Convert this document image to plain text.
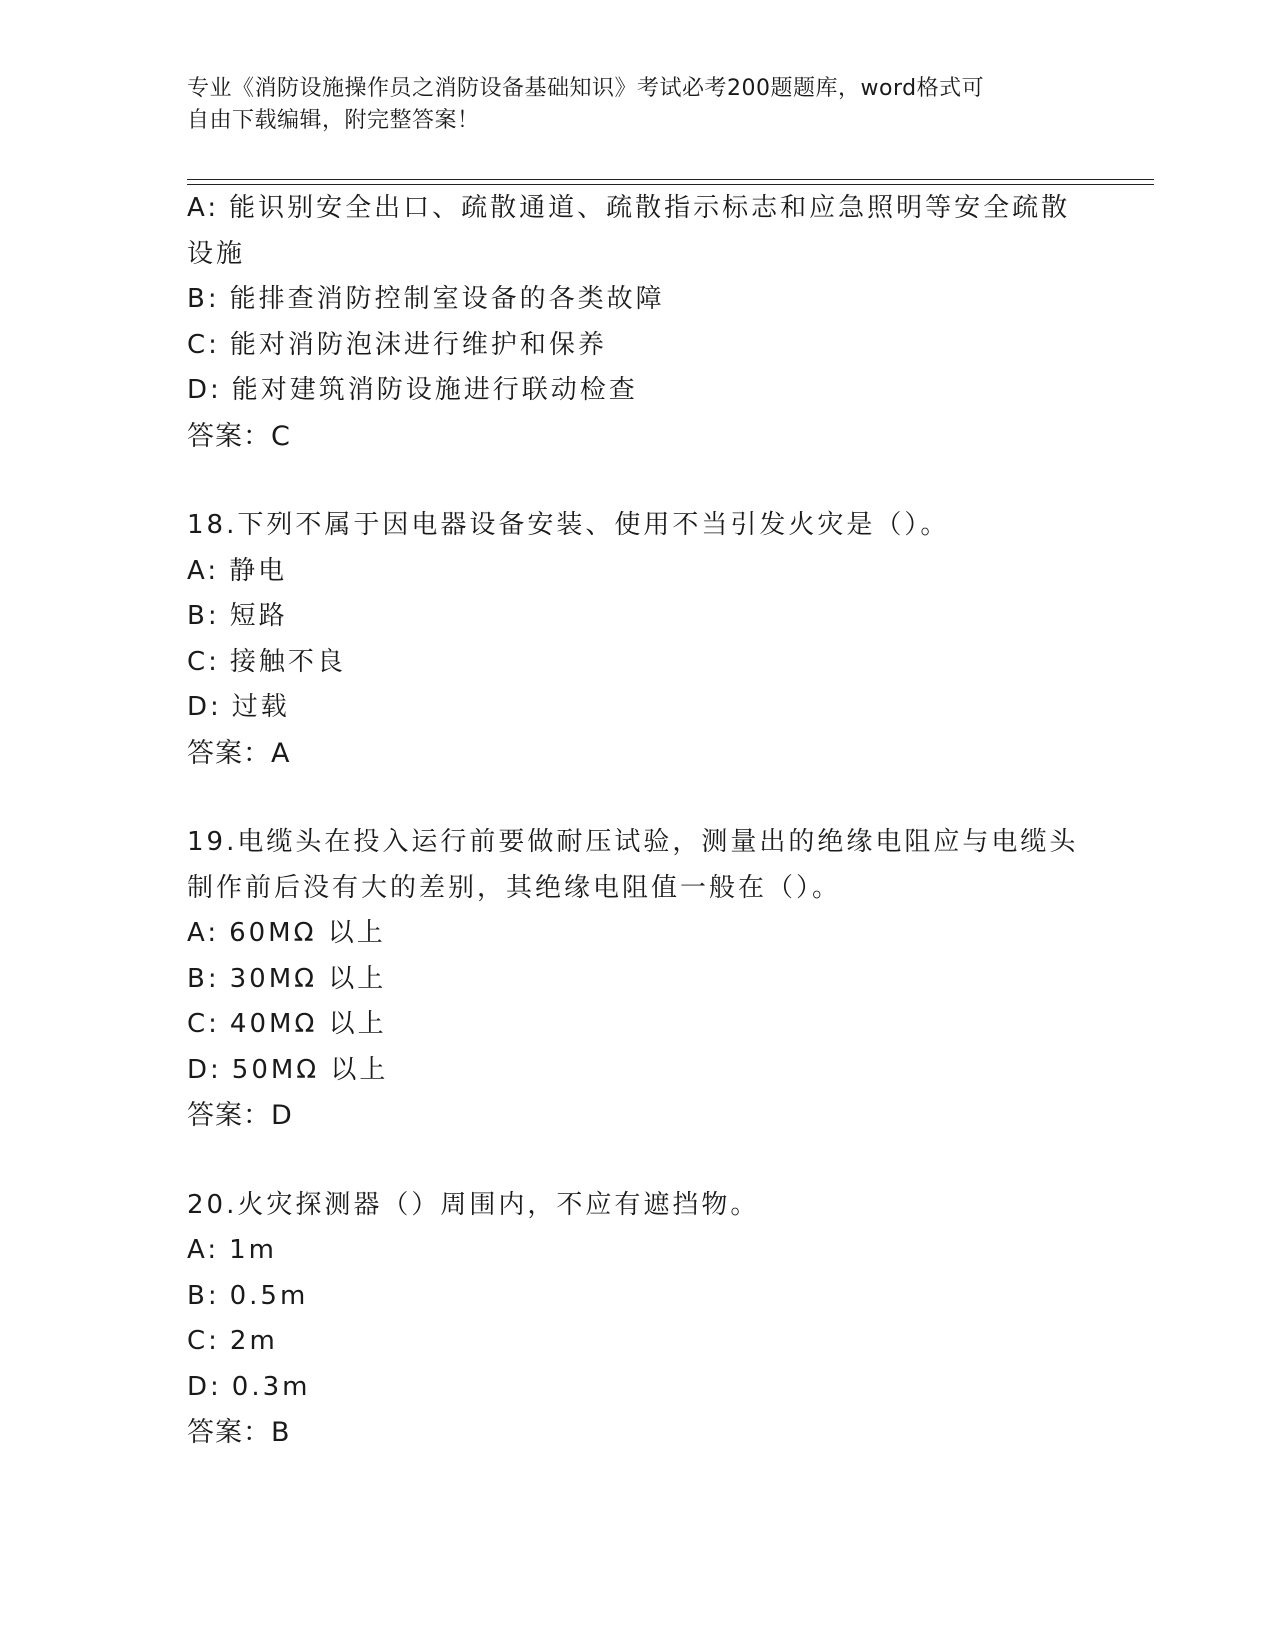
专业《消防设施操作员之消防设备基础知识》考试必考200题题库，word格式可
自由下载编辑，附完整答案！
A: 能识别安全出口、疏散通道、疏散指示标志和应急照明等安全疏散
设施
B: 能排查消防控制室设备的各类故障
C: 能对消防泡沫进行维护和保养
D: 能对建筑消防设施进行联动检查
答案：C
18.下列不属于因电器设备安装、使用不当引发火灾是（）。
A: 静电
B: 短路
C: 接触不良
D: 过载
答案：A
19.电缆头在投入运行前要做耐压试验，测量出的绝缘电阻应与电缆头
制作前后没有大的差别，其绝缘电阻值一般在（）。
A: 60MΩ 以上
B: 30MΩ 以上
C: 40MΩ 以上
D: 50MΩ 以上
答案：D
20.火灾探测器（）周围内，不应有遮挡物。
A: 1m
B: 0.5m
C: 2m
D: 0.3m
答案：B
